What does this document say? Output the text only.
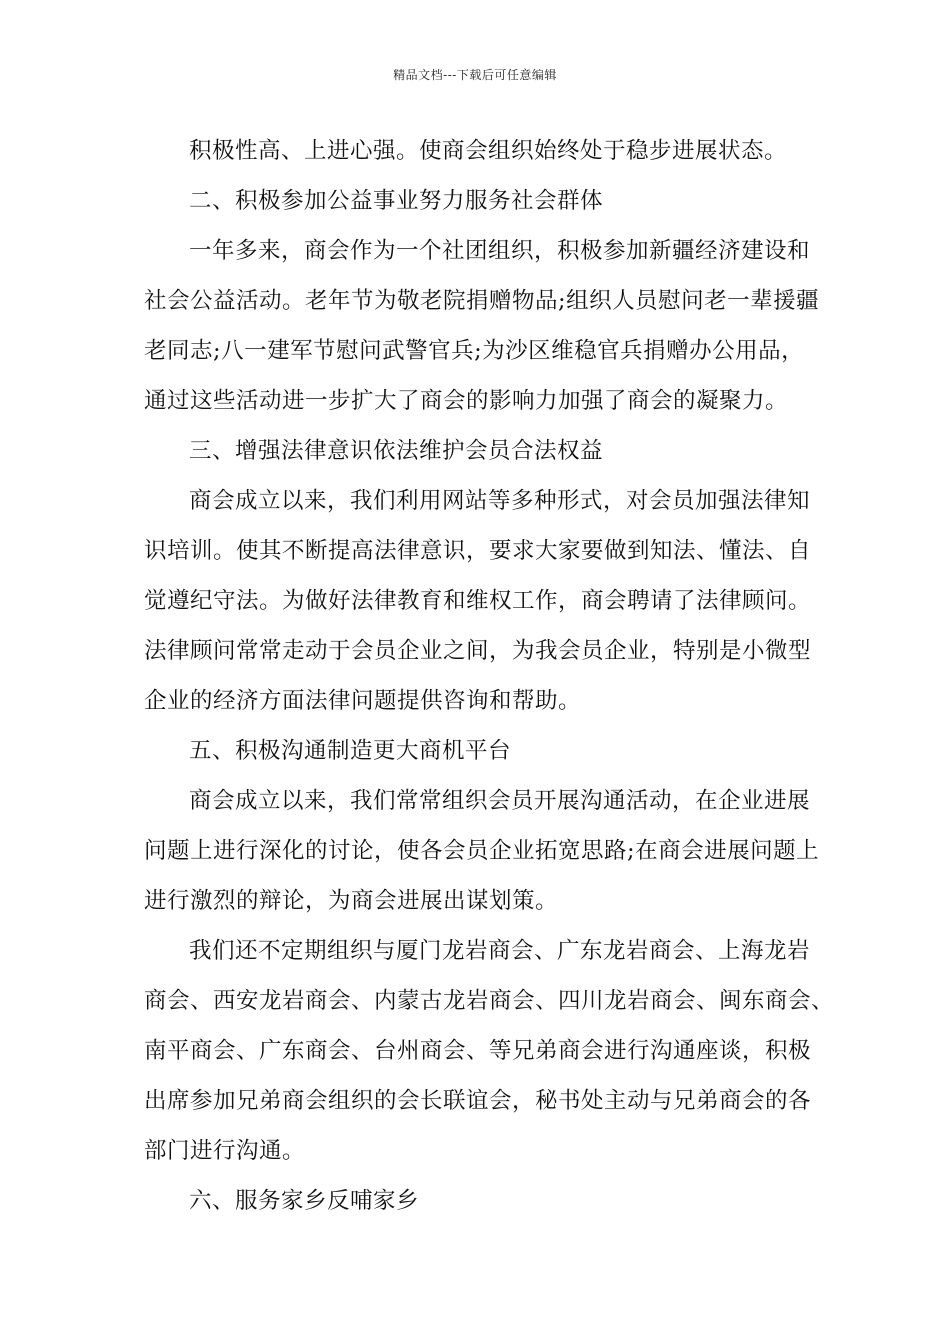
精品文档---下载后可任意编辑
积极性高、上进心强。使商会组织始终处于稳步进展状态。
二、积极参加公益事业努力服务社会群体
一年多来，商会作为一个社团组织，积极参加新疆经济建设和
社会公益活动。老年节为敬老院捐赠物品;组织人员慰问老一辈援疆
老同志;八一建军节慰问武警官兵;为沙区维稳官兵捐赠办公用品，
通过这些活动进一步扩大了商会的影响力加强了商会的凝聚力。
三、增强法律意识依法维护会员合法权益
商会成立以来，我们利用网站等多种形式，对会员加强法律知
识培训。使其不断提高法律意识，要求大家要做到知法、懂法、自
觉遵纪守法。为做好法律教育和维权工作，商会聘请了法律顾问。
法律顾问常常走动于会员企业之间，为我会员企业，特别是小微型
企业的经济方面法律问题提供咨询和帮助。
五、积极沟通制造更大商机平台
商会成立以来，我们常常组织会员开展沟通活动，在企业进展
问题上进行深化的讨论，使各会员企业拓宽思路;在商会进展问题上
进行激烈的辩论，为商会进展出谋划策。
我们还不定期组织与厦门龙岩商会、广东龙岩商会、上海龙岩
商会、西安龙岩商会、内蒙古龙岩商会、四川龙岩商会、闽东商会、
南平商会、广东商会、台州商会、等兄弟商会进行沟通座谈，积极
出席参加兄弟商会组织的会长联谊会，秘书处主动与兄弟商会的各
部门进行沟通。
六、服务家乡反哺家乡
